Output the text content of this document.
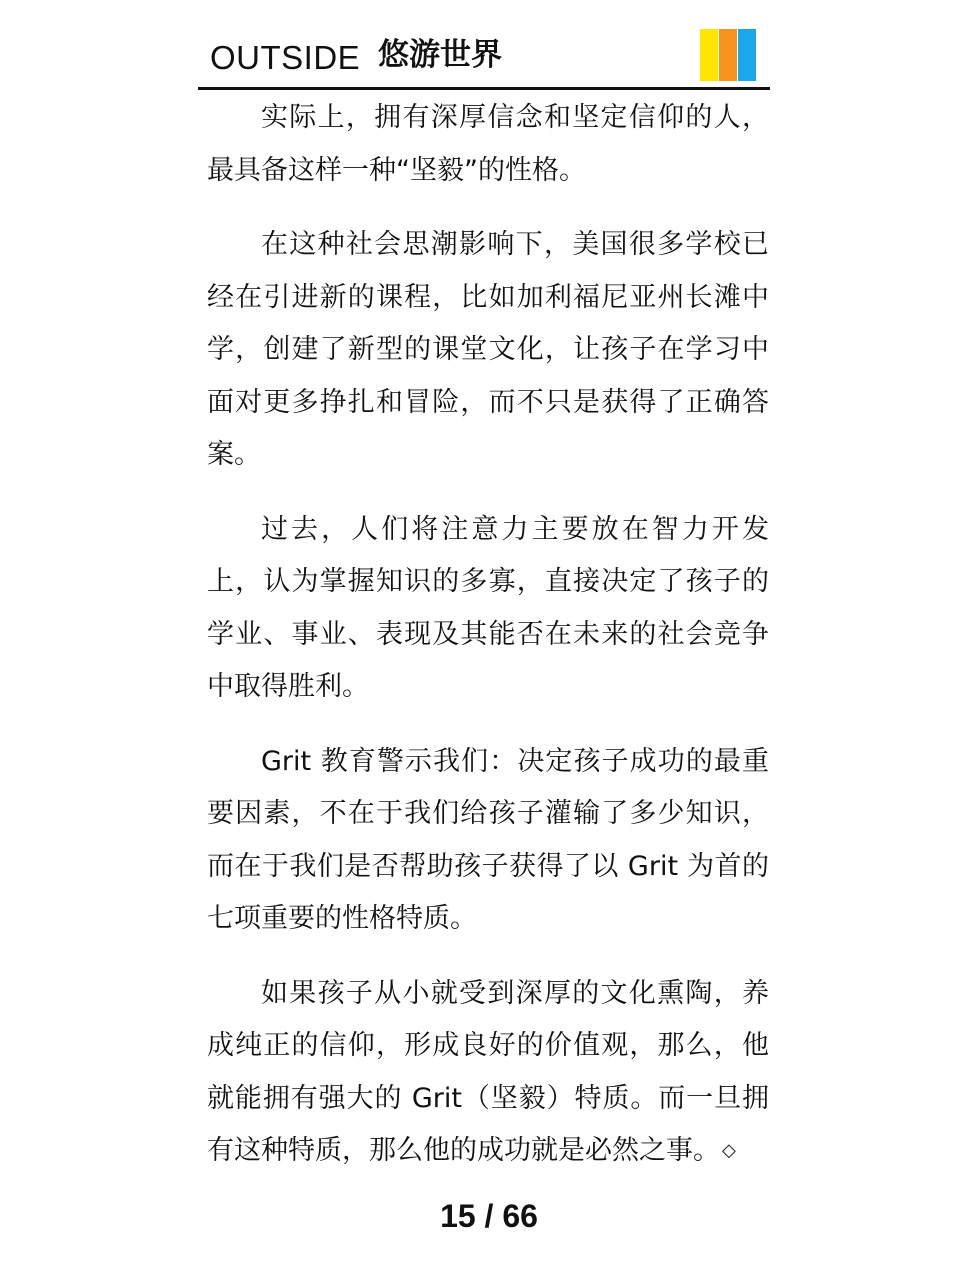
OUTSIDE 悠游世界

实际上，拥有深厚信念和坚定信仰的人，最具备这样一种“坚毅”的性格。

在这种社会思潮影响下，美国很多学校已经在引进新的课程，比如加利福尼亚州长滩中学，创建了新型的课堂文化，让孩子在学习中面对更多挣扎和冒险，而不只是获得了正确答案。

过去，人们将注意力主要放在智力开发上，认为掌握知识的多寡，直接决定了孩子的学业、事业、表现及其能否在未来的社会竞争中取得胜利。

Grit 教育警示我们：决定孩子成功的最重要因素，不在于我们给孩子灌输了多少知识，而在于我们是否帮助孩子获得了以 Grit 为首的七项重要的性格特质。

如果孩子从小就受到深厚的文化熏陶，养成纯正的信仰，形成良好的价值观，那么，他就能拥有强大的 Grit（坚毅）特质。而一旦拥有这种特质，那么他的成功就是必然之事。 ◇

15 / 66
